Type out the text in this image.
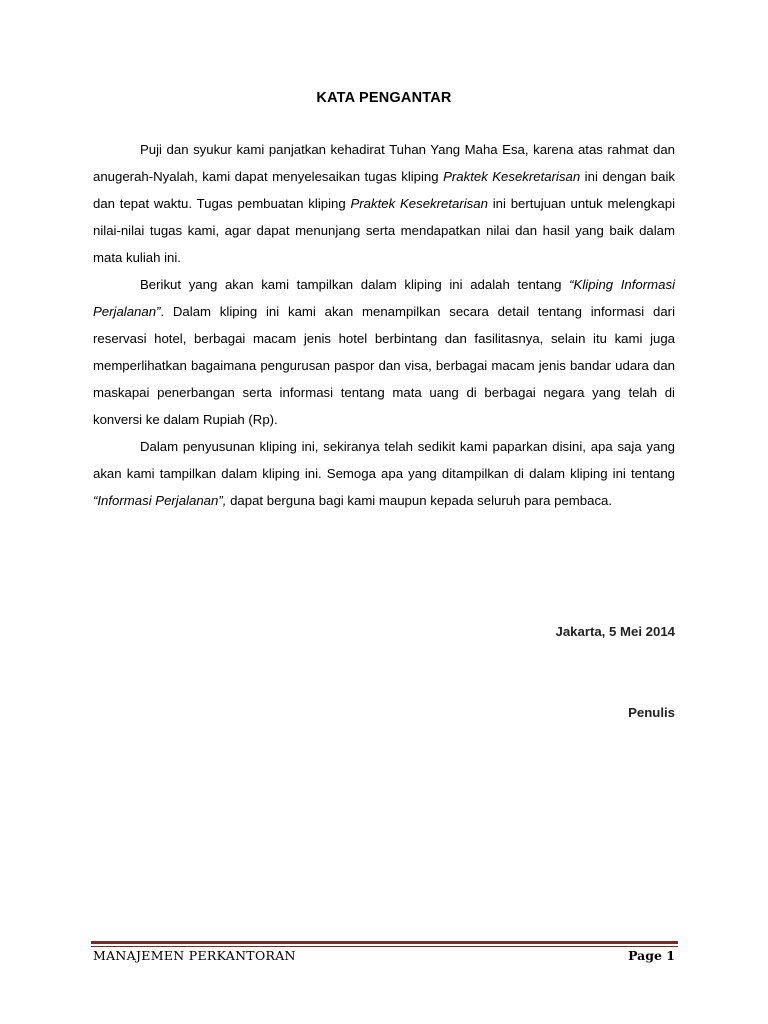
KATA PENGANTAR

Puji dan syukur kami panjatkan kehadirat Tuhan Yang Maha Esa, karena atas rahmat dan anugerah-Nyalah, kami dapat menyelesaikan tugas kliping Praktek Kesekretarisan ini dengan baik dan tepat waktu. Tugas pembuatan kliping Praktek Kesekretarisan ini bertujuan untuk melengkapi nilai-nilai tugas kami, agar dapat menunjang serta mendapatkan nilai dan hasil yang baik dalam mata kuliah ini.

Berikut yang akan kami tampilkan dalam kliping ini adalah tentang “Kliping Informasi Perjalanan”. Dalam kliping ini kami akan menampilkan secara detail tentang informasi dari reservasi hotel, berbagai macam jenis hotel berbintang dan fasilitasnya, selain itu kami juga memperlihatkan bagaimana pengurusan paspor dan visa, berbagai macam jenis bandar udara dan maskapai penerbangan serta informasi tentang mata uang di berbagai negara yang telah di konversi ke dalam Rupiah (Rp).

Dalam penyusunan kliping ini, sekiranya telah sedikit kami paparkan disini, apa saja yang akan kami tampilkan dalam kliping ini. Semoga apa yang ditampilkan di dalam kliping ini tentang “Informasi Perjalanan”, dapat berguna bagi kami maupun kepada seluruh para pembaca.

Jakarta, 5 Mei 2014
Penulis
MANAJEMEN PERKANTORAN	Page 1
